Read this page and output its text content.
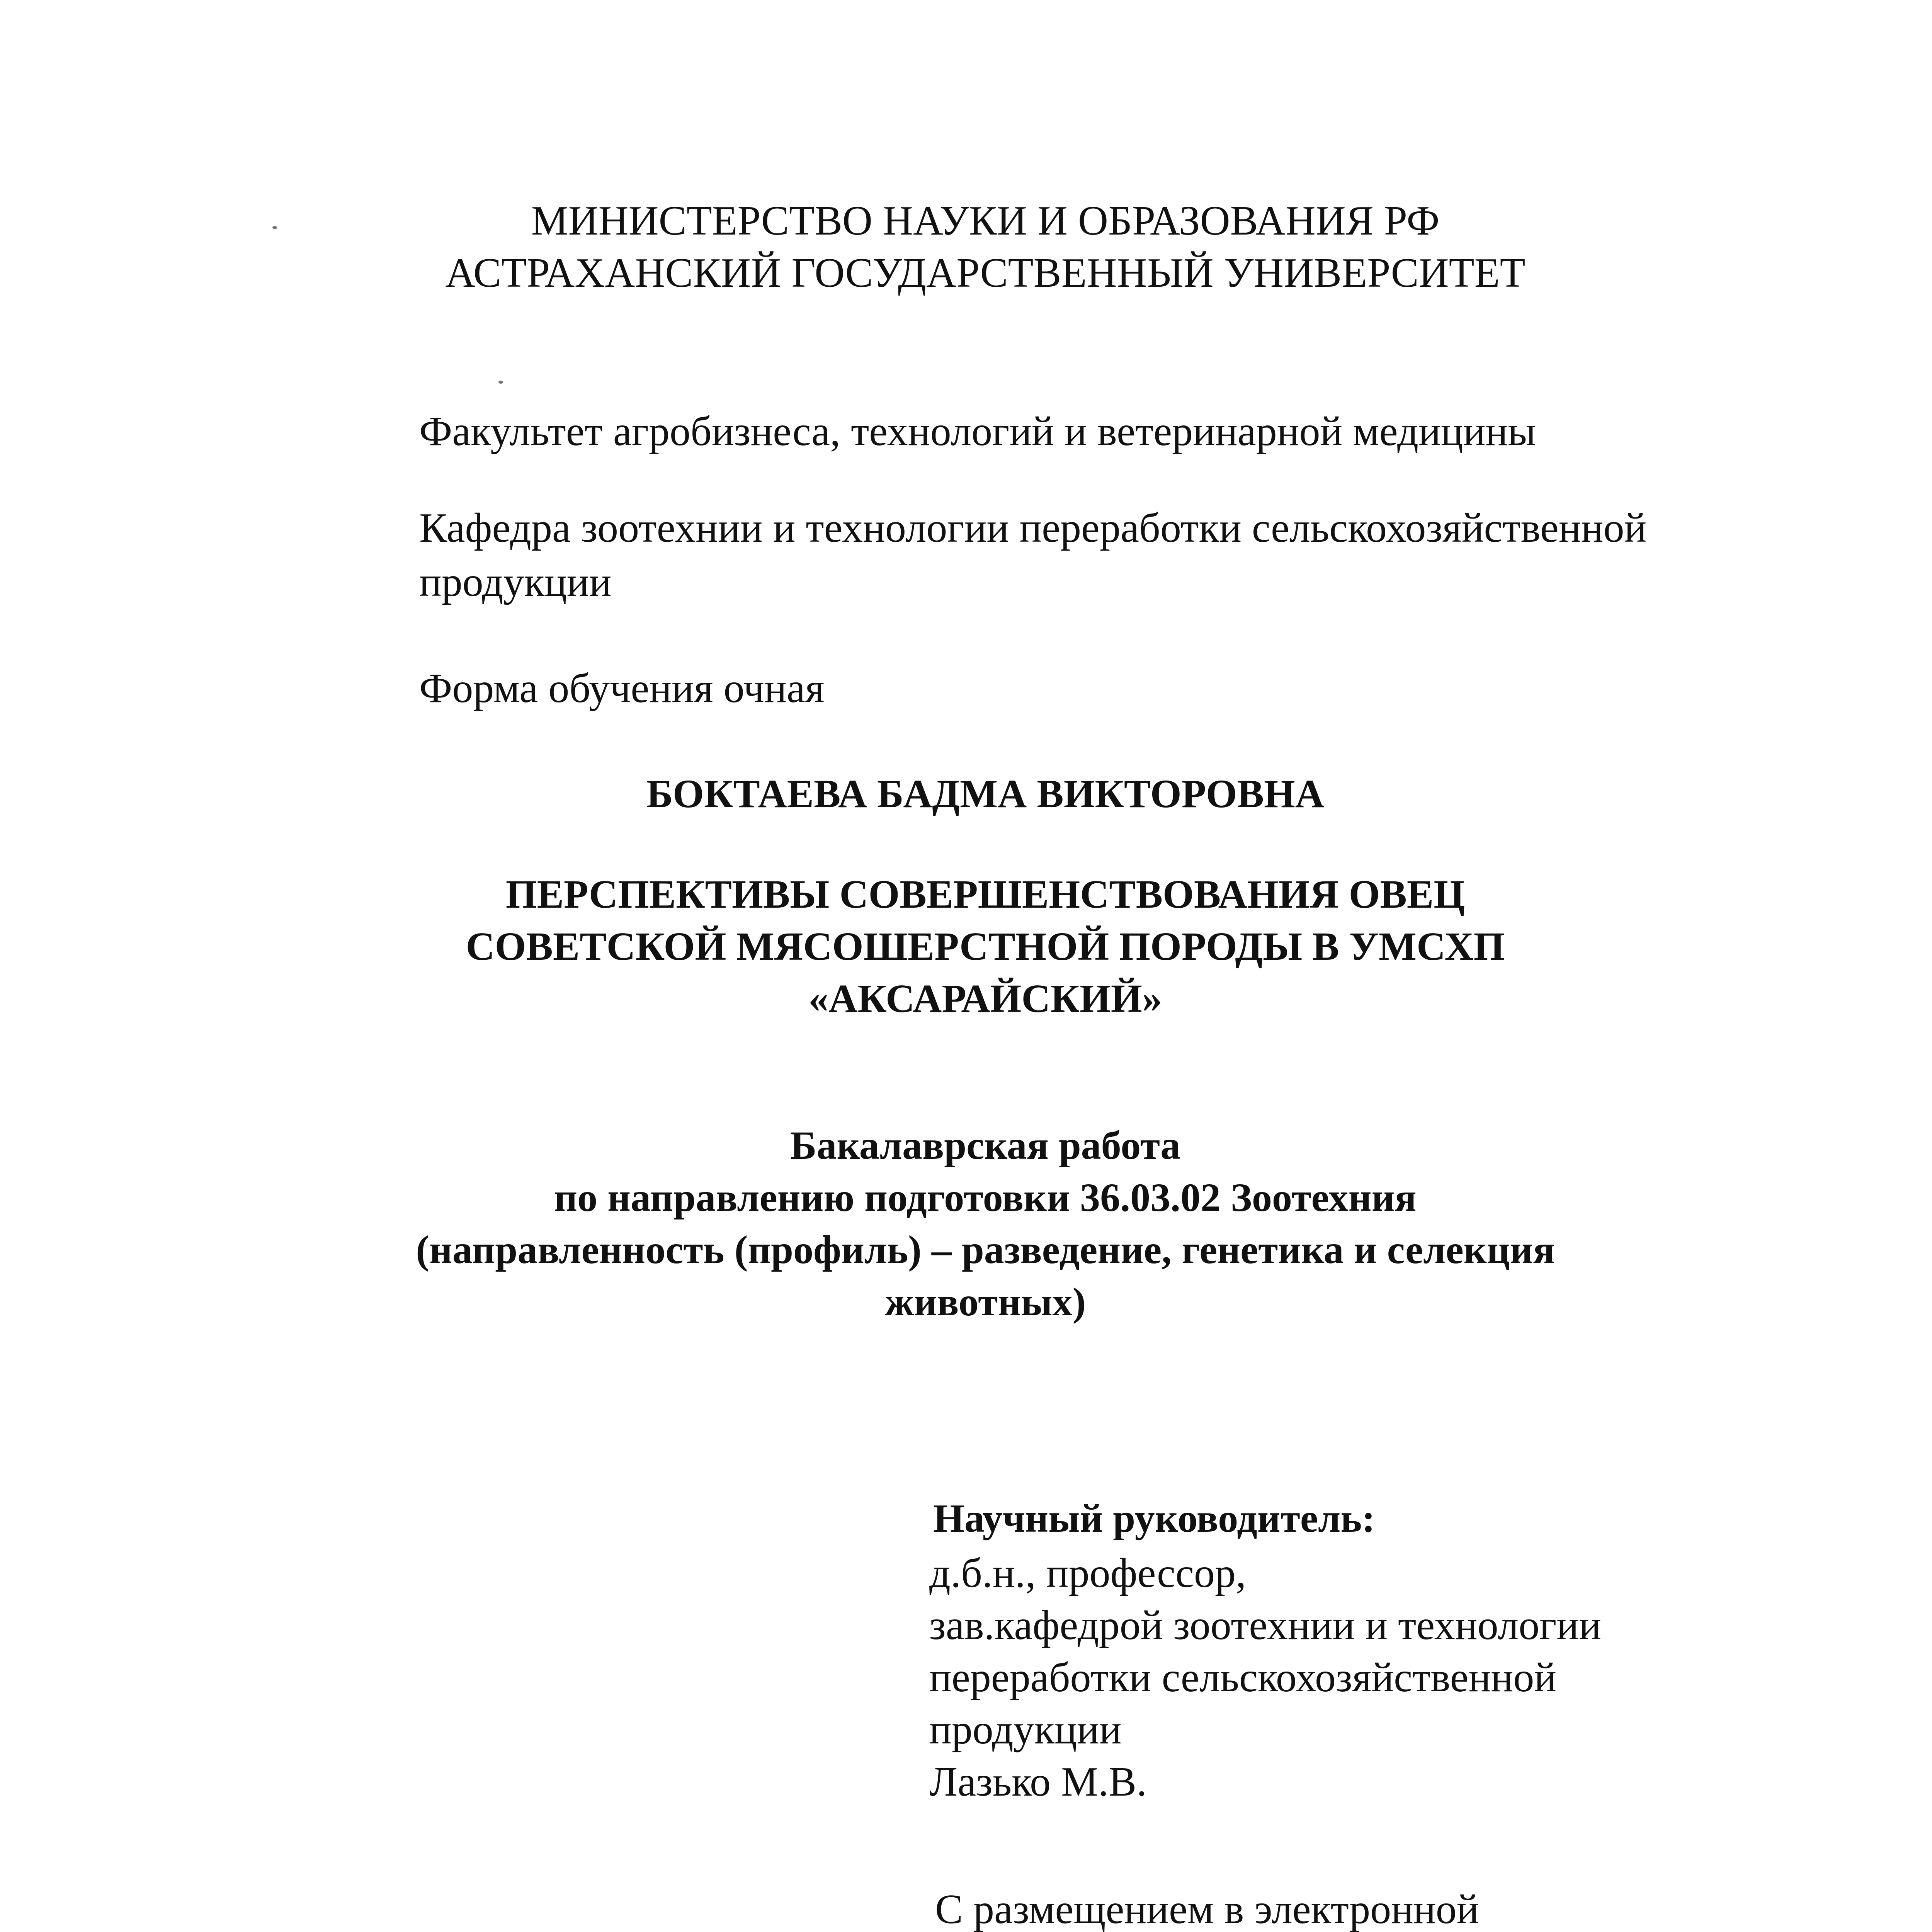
МИНИСТЕРСТВО НАУКИ И ОБРАЗОВАНИЯ РФ
АСТРАХАНСКИЙ ГОСУДАРСТВЕННЫЙ УНИВЕРСИТЕТ
Факультет агробизнеса, технологий и ветеринарной медицины
Кафедра зоотехнии и технологии переработки сельскохозяйственной
продукции
Форма обучения очная
БОКТАЕВА БАДМА ВИКТОРОВНА
ПЕРСПЕКТИВЫ СОВЕРШЕНСТВОВАНИЯ ОВЕЦ
СОВЕТСКОЙ МЯСОШЕРСТНОЙ ПОРОДЫ В УМСХП
«АКСАРАЙСКИЙ»
Бакалаврская работа
по направлению подготовки 36.03.02 Зоотехния
(направленность (профиль) – разведение, генетика и селекция
животных)
Научный руководитель:
д.б.н., профессор,
зав.кафедрой зоотехнии и технологии
переработки сельскохозяйственной
продукции
Лазько М.В.
С размещением в электронной
